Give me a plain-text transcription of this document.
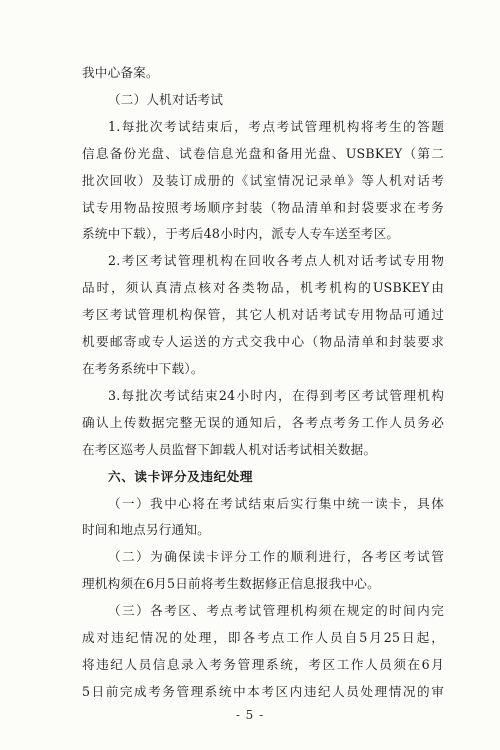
我中心备案。

（二）人机对话考试

1.每批次考试结束后，考点考试管理机构将考生的答题

信息备份光盘、试卷信息光盘和备用光盘、USBKEY（第二

批次回收）及装订成册的《试室情况记录单》等人机对话考

试专用物品按照考场顺序封装（物品清单和封袋要求在考务

系统中下载），于考后48小时内，派专人专车送至考区。

2.考区考试管理机构在回收各考点人机对话考试专用物

品时，须认真清点核对各类物品，机考机构的USBKEY由

考区考试管理机构保管，其它人机对话考试专用物品可通过

机要邮寄或专人运送的方式交我中心（物品清单和封装要求

在考务系统中下载）。

3.每批次考试结束24小时内，在得到考区考试管理机构

确认上传数据完整无误的通知后，各考点考务工作人员务必

在考区巡考人员监督下卸载人机对话考试相关数据。

六、读卡评分及违纪处理

（一）我中心将在考试结束后实行集中统一读卡，具体

时间和地点另行通知。

（二）为确保读卡评分工作的顺利进行，各考区考试管

理机构须在6月5日前将考生数据修正信息报我中心。

（三）各考区、考点考试管理机构须在规定的时间内完

成对违纪情况的处理，即各考点工作人员自5月25日起，

将违纪人员信息录入考务管理系统，考区工作人员须在6月

5日前完成考务管理系统中本考区内违纪人员处理情况的审

- 5 -
